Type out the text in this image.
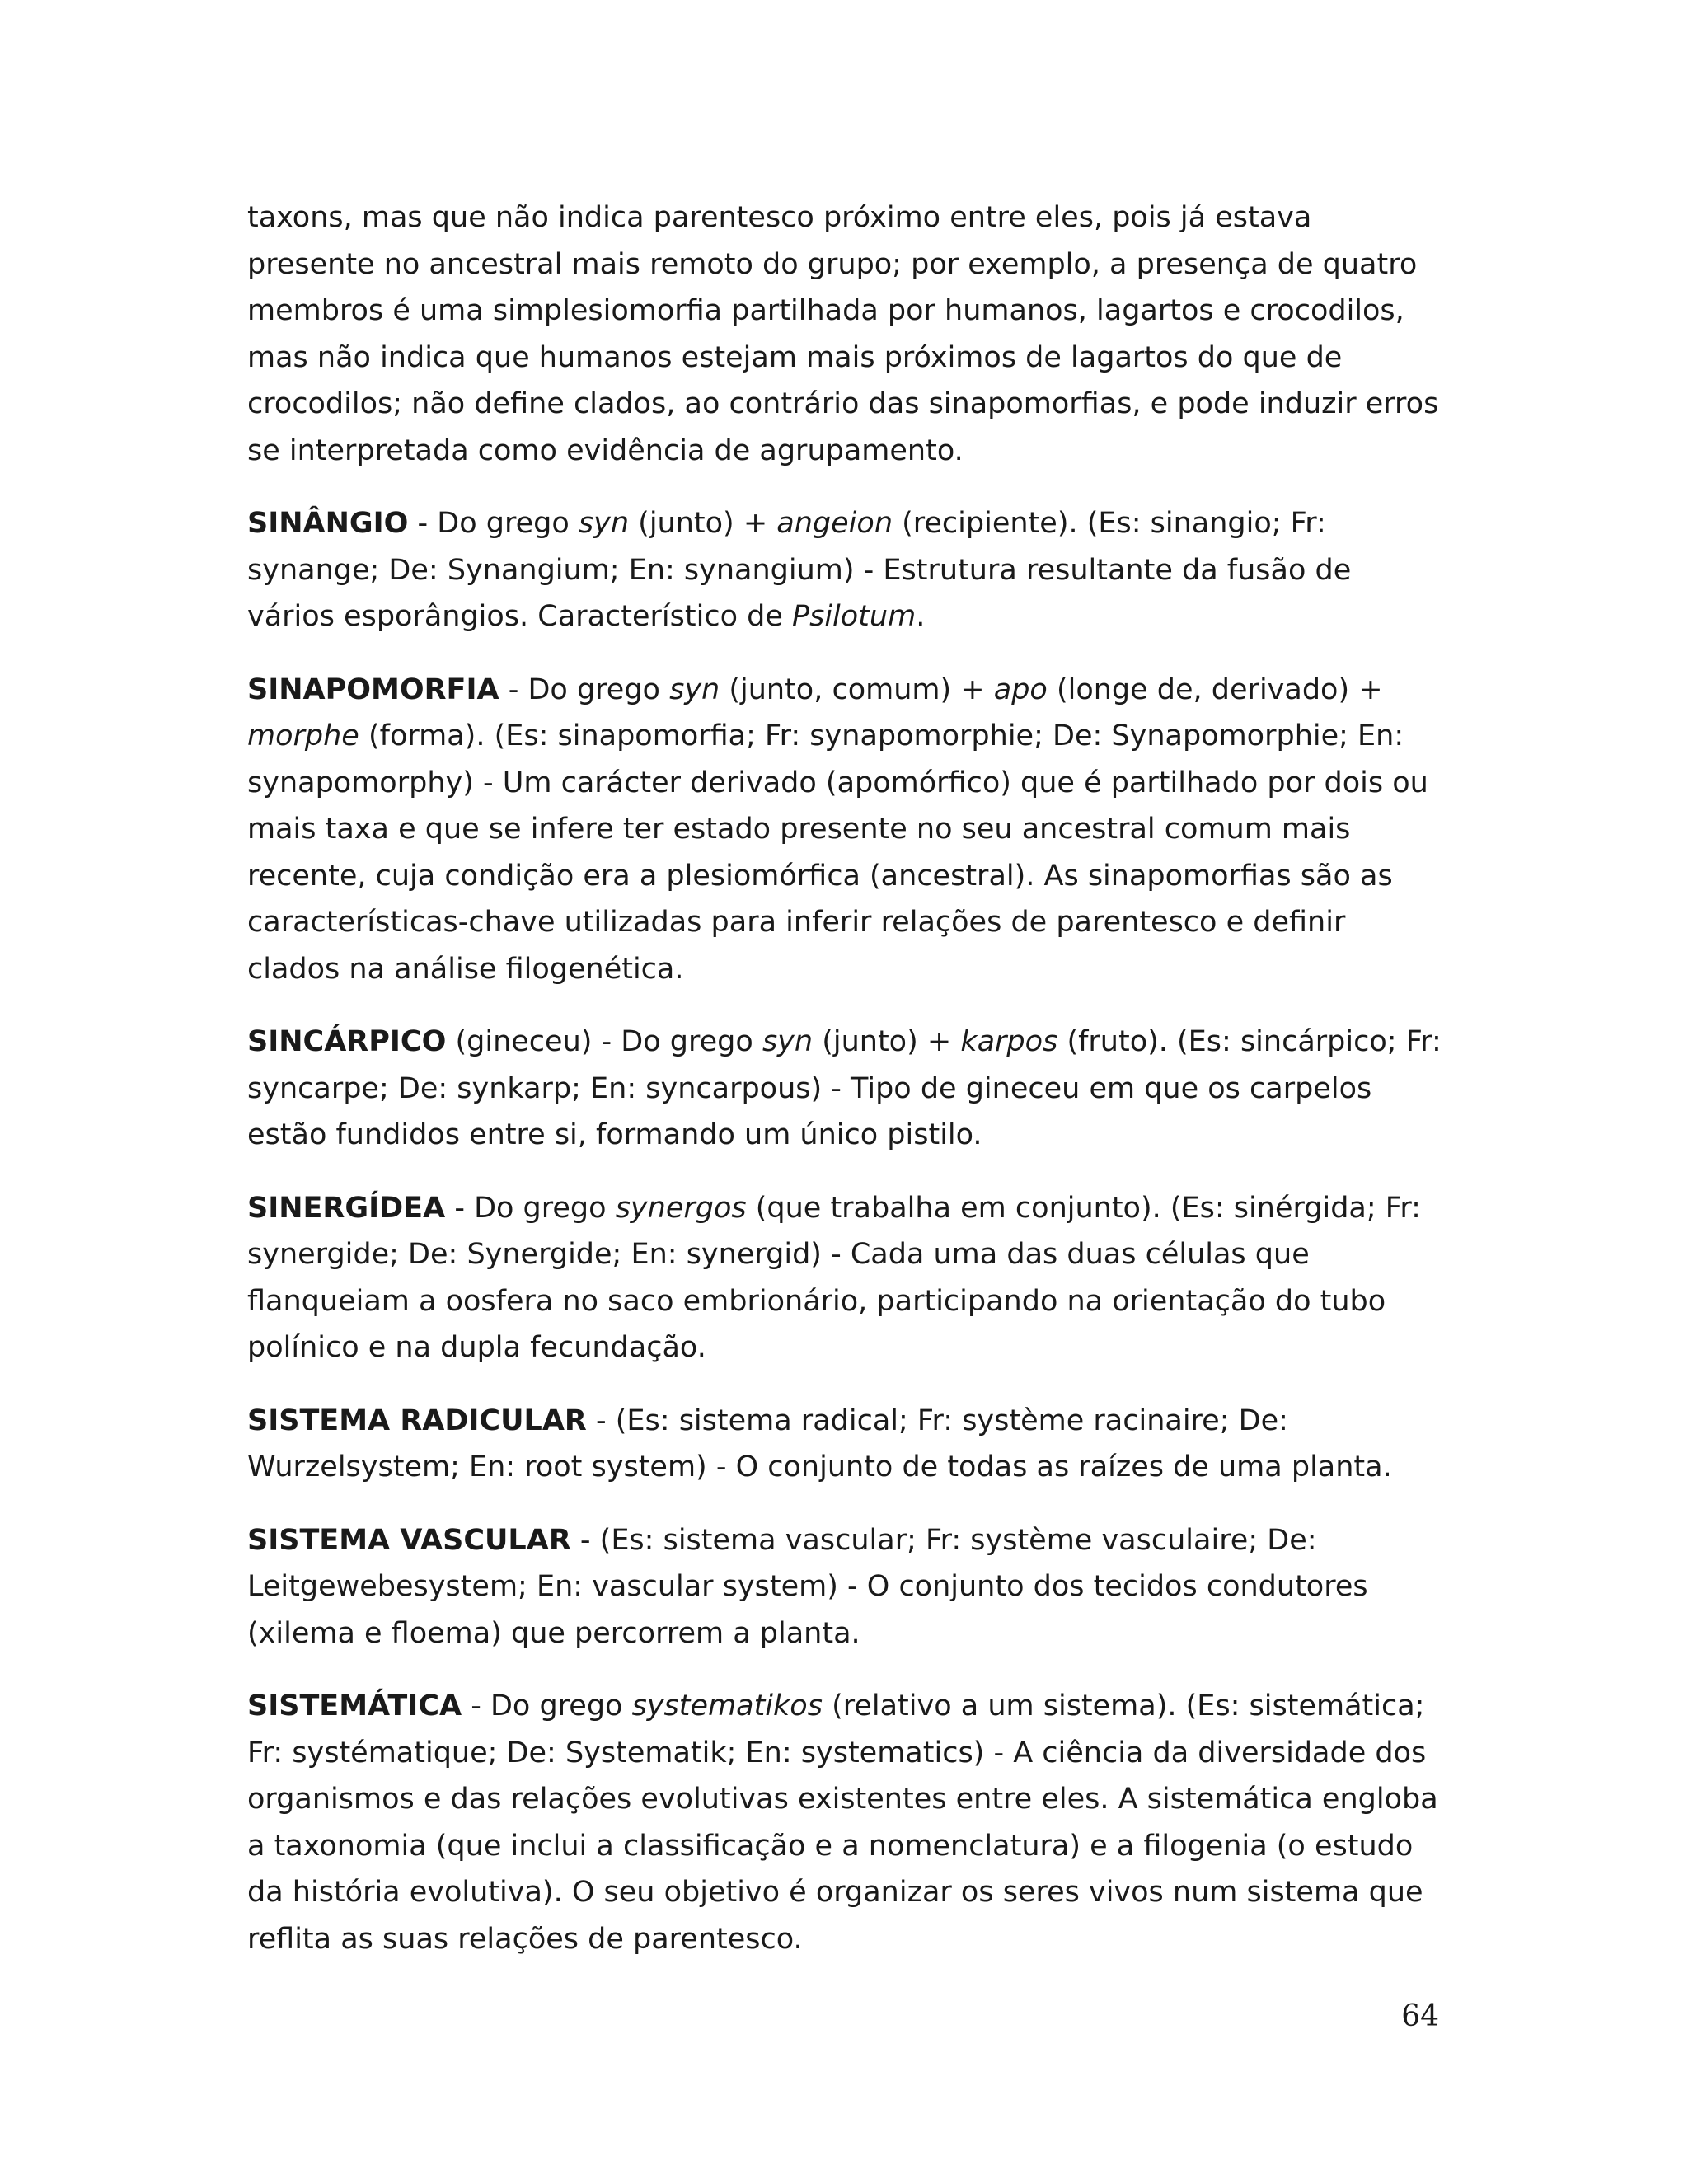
taxons, mas que não indica parentesco próximo entre eles, pois já estava presente no ancestral mais remoto do grupo; por exemplo, a presença de quatro membros é uma simplesiomorfia partilhada por humanos, lagartos e crocodilos, mas não indica que humanos estejam mais próximos de lagartos do que de crocodilos; não define clados, ao contrário das sinapomorfias, e pode induzir erros se interpretada como evidência de agrupamento.
SINÂNGIO - Do grego syn (junto) + angeion (recipiente). (Es: sinangio; Fr: synange; De: Synangium; En: synangium) - Estrutura resultante da fusão de vários esporângios. Característico de Psilotum.
SINAPOMORFIA - Do grego syn (junto, comum) + apo (longe de, derivado) + morphe (forma). (Es: sinapomorfia; Fr: synapomorphie; De: Synapomorphie; En: synapomorphy) - Um carácter derivado (apomórfico) que é partilhado por dois ou mais taxa e que se infere ter estado presente no seu ancestral comum mais recente, cuja condição era a plesiomórfica (ancestral). As sinapomorfias são as características-chave utilizadas para inferir relações de parentesco e definir clados na análise filogenética.
SINCÁRPICO (gineceu) - Do grego syn (junto) + karpos (fruto). (Es: sincárpico; Fr: syncarpe; De: synkarp; En: syncarpous) - Tipo de gineceu em que os carpelos estão fundidos entre si, formando um único pistilo.
SINERGÍDEA - Do grego synergos (que trabalha em conjunto). (Es: sinérgida; Fr: synergide; De: Synergide; En: synergid) - Cada uma das duas células que flanqueiam a oosfera no saco embrionário, participando na orientação do tubo polínico e na dupla fecundação.
SISTEMA RADICULAR - (Es: sistema radical; Fr: système racinaire; De: Wurzelsystem; En: root system) - O conjunto de todas as raízes de uma planta.
SISTEMA VASCULAR - (Es: sistema vascular; Fr: système vasculaire; De: Leitgewebesystem; En: vascular system) - O conjunto dos tecidos condutores (xilema e floema) que percorrem a planta.
SISTEMÁTICA - Do grego systematikos (relativo a um sistema). (Es: sistemática; Fr: systématique; De: Systematik; En: systematics) - A ciência da diversidade dos organismos e das relações evolutivas existentes entre eles. A sistemática engloba a taxonomia (que inclui a classificação e a nomenclatura) e a filogenia (o estudo da história evolutiva). O seu objetivo é organizar os seres vivos num sistema que reflita as suas relações de parentesco.
64
